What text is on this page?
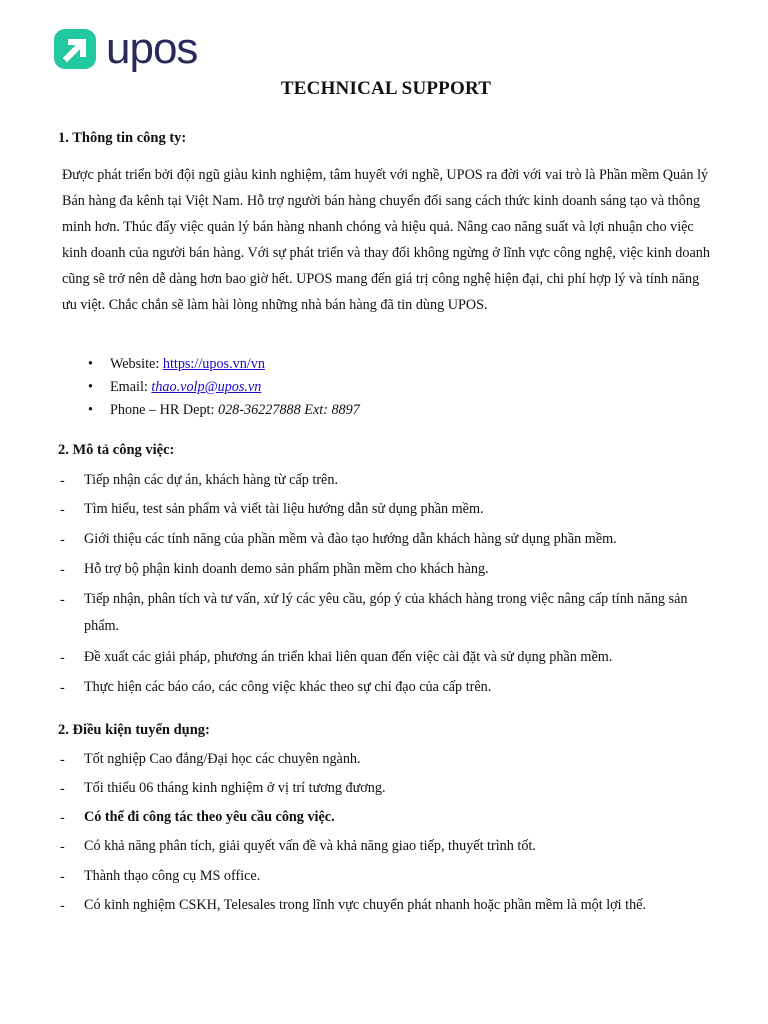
upos
TECHNICAL SUPPORT
1. Thông tin công ty:
Được phát triển bởi đội ngũ giàu kinh nghiệm, tâm huyết với nghề, UPOS ra đời với vai trò là Phần mềm Quản lý Bán hàng đa kênh tại Việt Nam. Hỗ trợ người bán hàng chuyển đổi sang cách thức kinh doanh sáng tạo và thông minh hơn. Thúc đẩy việc quản lý bán hàng nhanh chóng và hiệu quả. Nâng cao năng suất và lợi nhuận cho việc kinh doanh của người bán hàng. Với sự phát triển và thay đổi không ngừng ở lĩnh vực công nghệ, việc kinh doanh cũng sẽ trở nên dễ dàng hơn bao giờ hết. UPOS mang đến giá trị công nghệ hiện đại, chi phí hợp lý và tính năng ưu việt. Chắc chắn sẽ làm hài lòng những nhà bán hàng đã tin dùng UPOS.
• Website: https://upos.vn/vn
• Email: thao.volp@upos.vn
• Phone – HR Dept: 028-36227888 Ext: 8897
2. Mô tả công việc:
- Tiếp nhận các dự án, khách hàng từ cấp trên.
- Tìm hiểu, test sản phẩm và viết tài liệu hướng dẫn sử dụng phần mềm.
- Giới thiệu các tính năng của phần mềm và đào tạo hướng dẫn khách hàng sử dụng phần mềm.
- Hỗ trợ bộ phận kinh doanh demo sản phẩm phần mềm cho khách hàng.
- Tiếp nhận, phân tích và tư vấn, xử lý các yêu cầu, góp ý của khách hàng trong việc nâng cấp tính năng sản phẩm.
- Đề xuất các giải pháp, phương án triển khai liên quan đến việc cài đặt và sử dụng phần mềm.
- Thực hiện các báo cáo, các công việc khác theo sự chỉ đạo của cấp trên.
2. Điều kiện tuyển dụng:
- Tốt nghiệp Cao đẳng/Đại học các chuyên ngành.
- Tối thiểu 06 tháng kinh nghiệm ở vị trí tương đương.
- Có thể đi công tác theo yêu cầu công việc.
- Có khả năng phân tích, giải quyết vấn đề và khả năng giao tiếp, thuyết trình tốt.
- Thành thạo công cụ MS office.
- Có kinh nghiệm CSKH, Telesales trong lĩnh vực chuyển phát nhanh hoặc phần mềm là một lợi thế.
